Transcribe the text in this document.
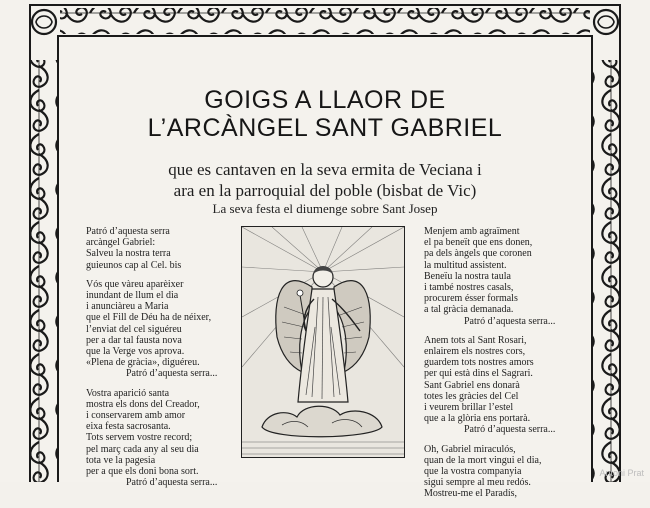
GOIGS A LLAOR DE
L’ARCÀNGEL SANT GABRIEL
que es cantaven en la seva ermita de Veciana i
ara en la parroquial del poble (bisbat de Vic)
La seva festa el diumenge sobre Sant Josep

Patró d’aquesta serra
arcàngel Gabriel:
Salveu la nostra terra
guieunos cap al Cel. bis

Vós que vàreu aparèixer
inundant de llum el dia
i anunciàreu a Maria
que el Fill de Déu ha de néixer,
l’enviat del cel siguéreu
per a dar tal fausta nova
que la Verge vos aprova.
«Plena de gràcia», diguéreu.
Patró d’aquesta serra...

Vostra aparició santa
mostra els dons del Creador,
i conservarem amb amor
eixa festa sacrosanta.
Tots servem vostre record;
pel març cada any al seu dia
tota ve la pagesia
per a que els doni bona sort.
Patró d’aquesta serra...

Menjem amb agraïment
el pa beneït que ens donen,
pa dels àngels que coronen
la multitud assistent.
Beneïu la nostra taula
i també nostres casals,
procurem ésser formals
a tal gràcia demanada.
Patró d’aquesta serra...

Anem tots al Sant Rosari,
enlairem els nostres cors,
guardem tots nostres amors
per qui està dins el Sagrari.
Sant Gabriel ens donarà
totes les gràcies del Cel
i veurem brillar l’estel
que a la glòria ens portarà.
Patró d’aquesta serra...

Oh, Gabriel miraculós,
quan de la mort vingui el dia,
que la vostra companyia
sigui sempre al meu redós.
Mostreu-me el Paradís,

Antoni Prat
